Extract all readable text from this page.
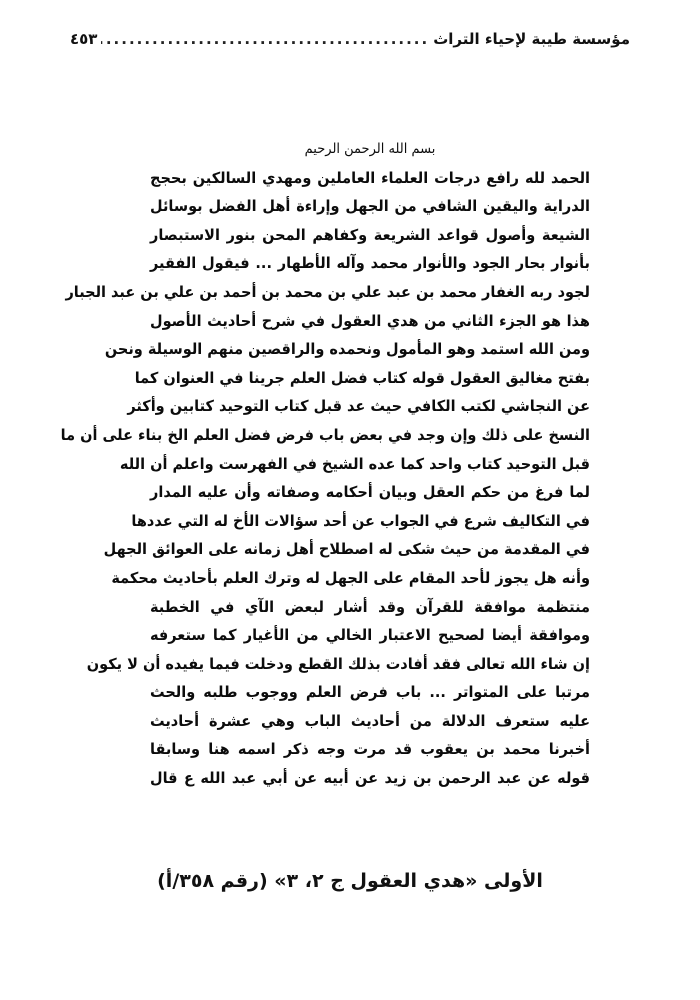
مؤسسة طيبة لإحياء التراث
.....
٤٥٣
بسم الله الرحمن الرحيم
الحمد لله رافع درجات العلماء العاملين ومهدي السالكين بحجج
الدراية واليقين الشافي من الجهل وإراءة أهل الفضل بوسائل
الشيعة وأصول قواعد الشريعة وكفاهم المحن بنور الاستبصار
بأنوار بحار الجود والأنوار محمد وآله الأطهار ... فيقول الفقير
لجود ربه الغفار محمد بن عبد علي بن محمد بن أحمد بن علي بن عبد الجبار
هذا هو الجزء الثاني من هدي العقول في شرح أحاديث الأصول
ومن الله استمد وهو المأمول ونحمده والراقصين منهم الوسيلة ونحن
بفتح مغاليق العقول قوله كتاب فضل العلم جرينا في العنوان كما
عن النجاشي لكتب الكافي حيث عد قبل كتاب التوحيد كتابين وأكثر
النسخ على ذلك وإن وجد في بعض باب فرض فضل العلم الخ بناء على أن ما
قبل التوحيد كتاب واحد كما عده الشيخ في الفهرست واعلم أن الله
لما فرغ من حكم العقل وبيان أحكامه وصفاته وأن عليه المدار
في التكاليف شرع في الجواب عن أحد سؤالات الأخ له التي عددها
في المقدمة من حيث شكى له اصطلاح أهل زمانه على العوائق الجهل
وأنه هل يجوز لأحد المقام على الجهل له وترك العلم بأحاديث محكمة
منتظمة موافقة للقرآن وقد أشار لبعض الآي في الخطبة
وموافقة أيضا لصحيح الاعتبار الخالي من الأغيار كما ستعرفه
إن شاء الله تعالى فقد أفادت بذلك القطع ودخلت فيما يفيده أن لا يكون
مرتبا على المتواتر ... باب فرض العلم ووجوب طلبه والحث
عليه ستعرف الدلالة من أحاديث الباب وهي عشرة أحاديث
أخبرنا محمد بن يعقوب قد مرت وجه ذكر اسمه هنا وسابقا
قوله عن عبد الرحمن بن زيد عن أبيه عن أبي عبد الله ع قال
الأولى «هدي العقول ج ٢، ٣» (رقم ٣٥٨/أ)
